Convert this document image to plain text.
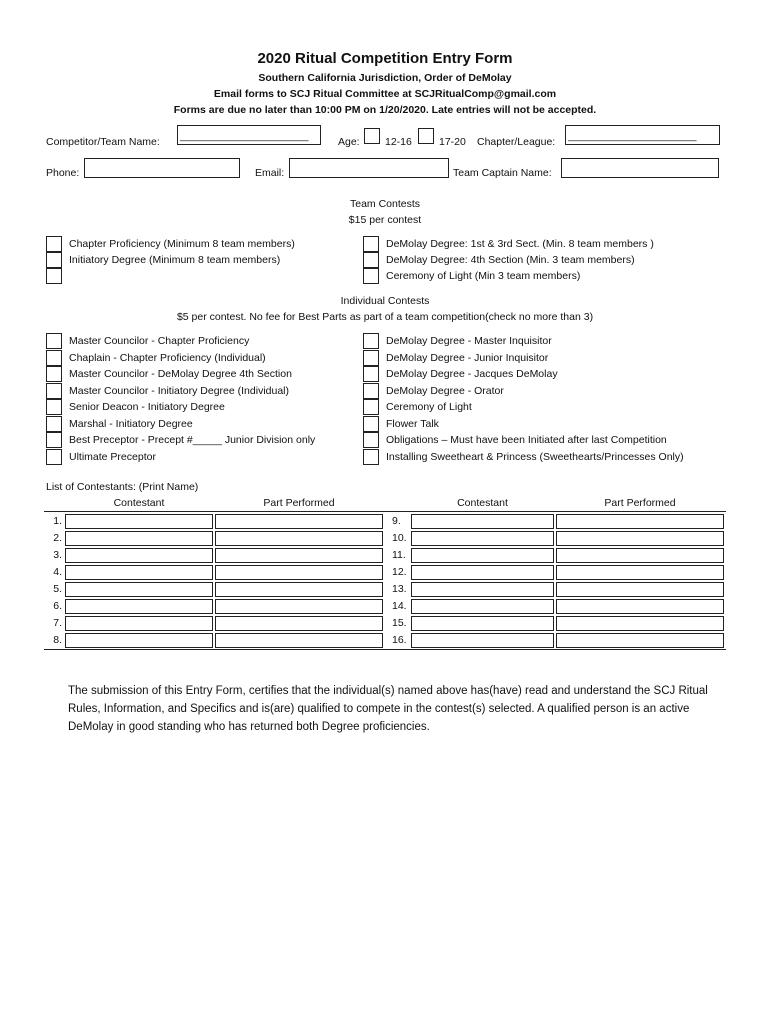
2020 Ritual Competition Entry Form
Southern California Jurisdiction, Order of DeMolay
Email forms to SCJ Ritual Committee at SCJRitualComp@gmail.com
Forms are due no later than 10:00 PM on 1/20/2020. Late entries will not be accepted.
Competitor/Team Name: ______________________	Age: 12-16	17-20 Chapter/League: ______________________
Phone:	Email:	Team Captain Name:
Team Contests
$15 per contest
Chapter Proficiency (Minimum 8 team members)
Initiatory Degree (Minimum 8 team members)
DeMolay Degree: 1st & 3rd Sect. (Min. 8 team members )
DeMolay Degree: 4th Section (Min. 3 team members)
Ceremony of Light (Min 3 team members)
Individual Contests
$5 per contest. No fee for Best Parts as part of a team competition(check no more than 3)
Master Councilor - Chapter Proficiency
Chaplain - Chapter Proficiency (Individual)
Master Councilor - DeMolay Degree 4th Section
Master Councilor - Initiatory Degree (Individual)
Senior Deacon - Initiatory Degree
Marshal - Initiatory Degree
Best Preceptor - Precept #_____ Junior Division only
Ultimate Preceptor
DeMolay Degree - Master Inquisitor
DeMolay Degree - Junior Inquisitor
DeMolay Degree - Jacques DeMolay
DeMolay Degree - Orator
Ceremony of Light
Flower Talk
Obligations – Must have been Initiated after last Competition
Installing Sweetheart & Princess (Sweethearts/Princesses Only)
List of Contestants: (Print Name)
Contestant	Part Performed	Contestant	Part Performed
1.	9.
2.	10.
3.	11.
4.	12.
5.	13.
6.	14.
7.	15.
8.	16.
The submission of this Entry Form, certifies that the individual(s) named above has(have) read and understand the SCJ Ritual Rules, Information, and Specifics and is(are) qualified to compete in the contest(s) selected. A qualified person is an active DeMolay in good standing who has returned both Degree proficiencies.
